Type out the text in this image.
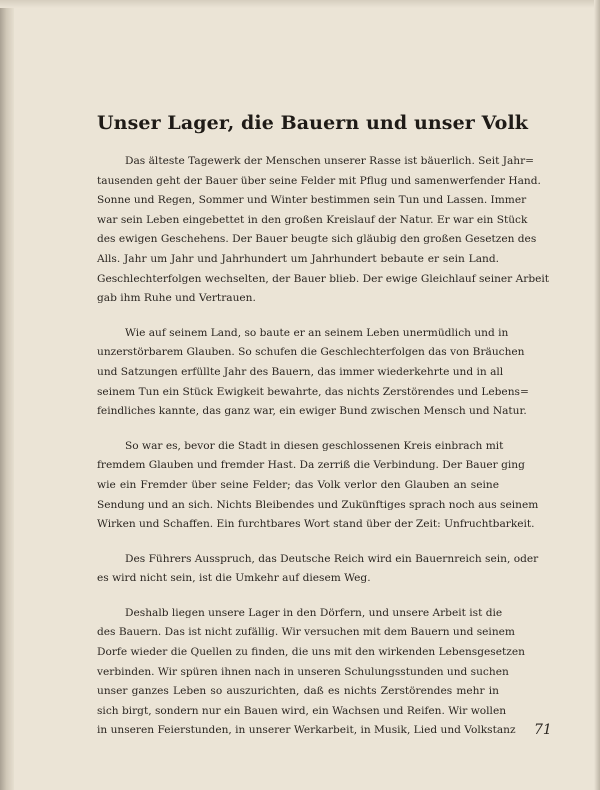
Unser Lager, die Bauern und unser Volk
Das älteste Tagewerk der Menschen unserer Rasse ist bäuerlich. Seit Jahr=
tausenden geht der Bauer über seine Felder mit Pflug und samenwerfender Hand.
Sonne und Regen, Sommer und Winter bestimmen sein Tun und Lassen. Immer
war sein Leben eingebettet in den großen Kreislauf der Natur. Er war ein Stück
des ewigen Geschehens. Der Bauer beugte sich gläubig den großen Gesetzen des
Alls. Jahr um Jahr und Jahrhundert um Jahrhundert bebaute er sein Land.
Geschlechterfolgen wechselten, der Bauer blieb. Der ewige Gleichlauf seiner Arbeit
gab ihm Ruhe und Vertrauen.
Wie auf seinem Land, so baute er an seinem Leben unermüdlich und in
unzerstörbarem Glauben. So schufen die Geschlechterfolgen das von Bräuchen
und Satzungen erfüllte Jahr des Bauern, das immer wiederkehrte und in all
seinem Tun ein Stück Ewigkeit bewahrte, das nichts Zerstörendes und Lebens=
feindliches kannte, das ganz war, ein ewiger Bund zwischen Mensch und Natur.
So war es, bevor die Stadt in diesen geschlossenen Kreis einbrach mit
fremdem Glauben und fremder Hast. Da zerriß die Verbindung. Der Bauer ging
wie ein Fremder über seine Felder; das Volk verlor den Glauben an seine
Sendung und an sich. Nichts Bleibendes und Zukünftiges sprach noch aus seinem
Wirken und Schaffen. Ein furchtbares Wort stand über der Zeit: Unfruchtbarkeit.
Des Führers Ausspruch, das Deutsche Reich wird ein Bauernreich sein, oder
es wird nicht sein, ist die Umkehr auf diesem Weg.
Deshalb liegen unsere Lager in den Dörfern, und unsere Arbeit ist die
des Bauern. Das ist nicht zufällig. Wir versuchen mit dem Bauern und seinem
Dorfe wieder die Quellen zu finden, die uns mit den wirkenden Lebensgesetzen
verbinden. Wir spüren ihnen nach in unseren Schulungsstunden und suchen
unser ganzes Leben so auszurichten, daß es nichts Zerstörendes mehr in
sich birgt, sondern nur ein Bauen wird, ein Wachsen und Reifen. Wir wollen
in unseren Feierstunden, in unserer Werkarbeit, in Musik, Lied und Volkstanz 71
